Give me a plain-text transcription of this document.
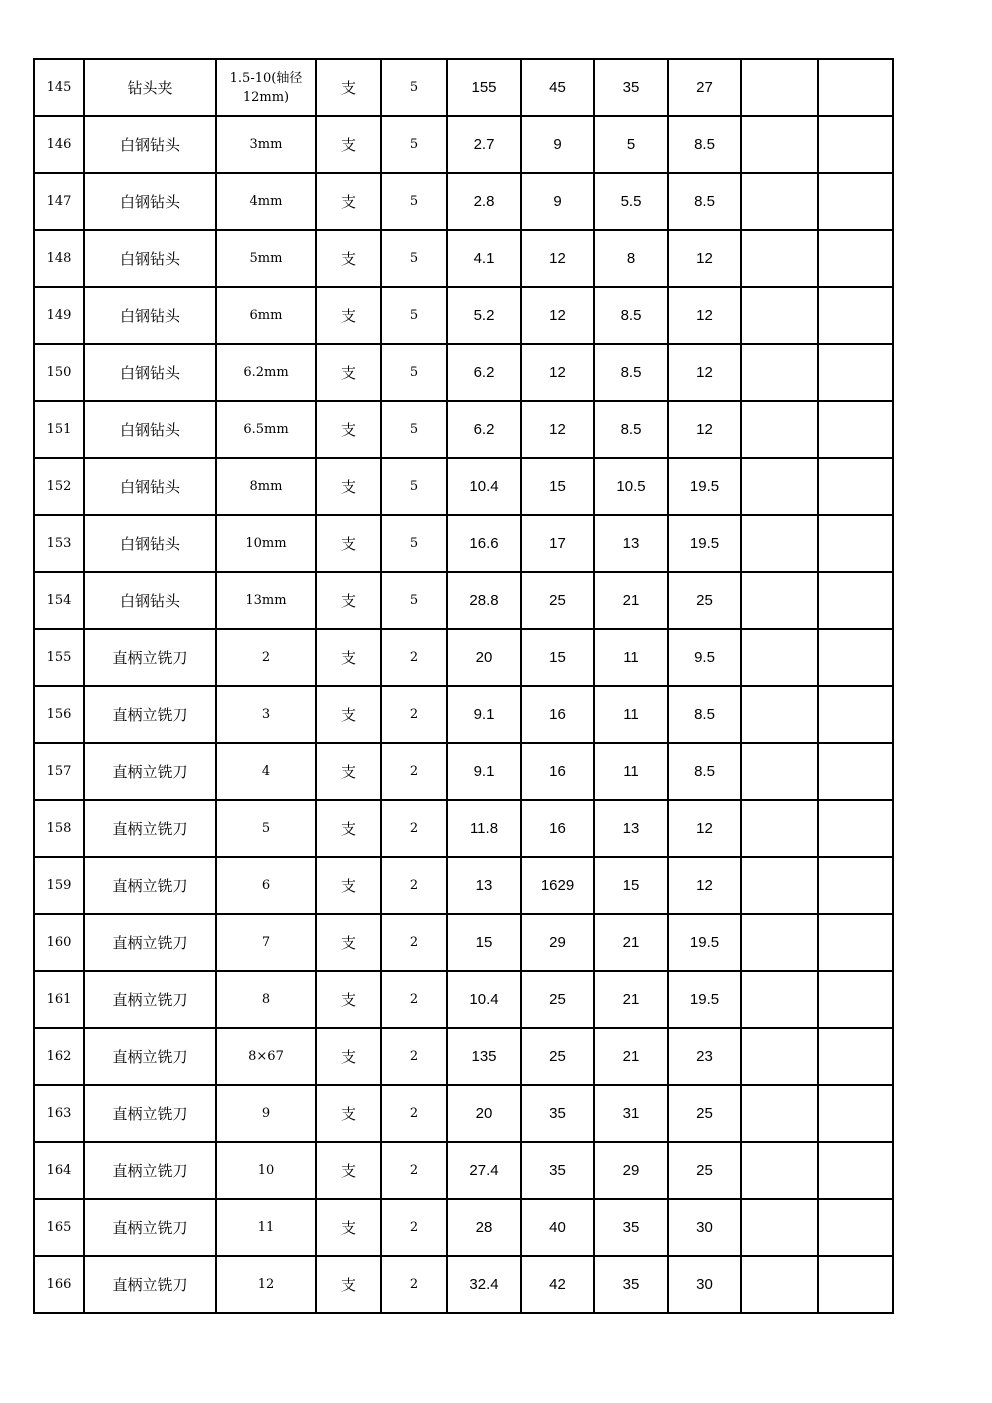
145	钻头夹	1.5-10(轴径12mm)	支	5	155	45	35	27		
146	白钢钻头	3mm	支	5	2.7	9	5	8.5		
147	白钢钻头	4mm	支	5	2.8	9	5.5	8.5		
148	白钢钻头	5mm	支	5	4.1	12	8	12		
149	白钢钻头	6mm	支	5	5.2	12	8.5	12		
150	白钢钻头	6.2mm	支	5	6.2	12	8.5	12		
151	白钢钻头	6.5mm	支	5	6.2	12	8.5	12		
152	白钢钻头	8mm	支	5	10.4	15	10.5	19.5		
153	白钢钻头	10mm	支	5	16.6	17	13	19.5		
154	白钢钻头	13mm	支	5	28.8	25	21	25		
155	直柄立铣刀	2	支	2	20	15	11	9.5		
156	直柄立铣刀	3	支	2	9.1	16	11	8.5		
157	直柄立铣刀	4	支	2	9.1	16	11	8.5		
158	直柄立铣刀	5	支	2	11.8	16	13	12		
159	直柄立铣刀	6	支	2	13	1629	15	12		
160	直柄立铣刀	7	支	2	15	29	21	19.5		
161	直柄立铣刀	8	支	2	10.4	25	21	19.5		
162	直柄立铣刀	8×67	支	2	135	25	21	23		
163	直柄立铣刀	9	支	2	20	35	31	25		
164	直柄立铣刀	10	支	2	27.4	35	29	25		
165	直柄立铣刀	11	支	2	28	40	35	30		
166	直柄立铣刀	12	支	2	32.4	42	35	30		
